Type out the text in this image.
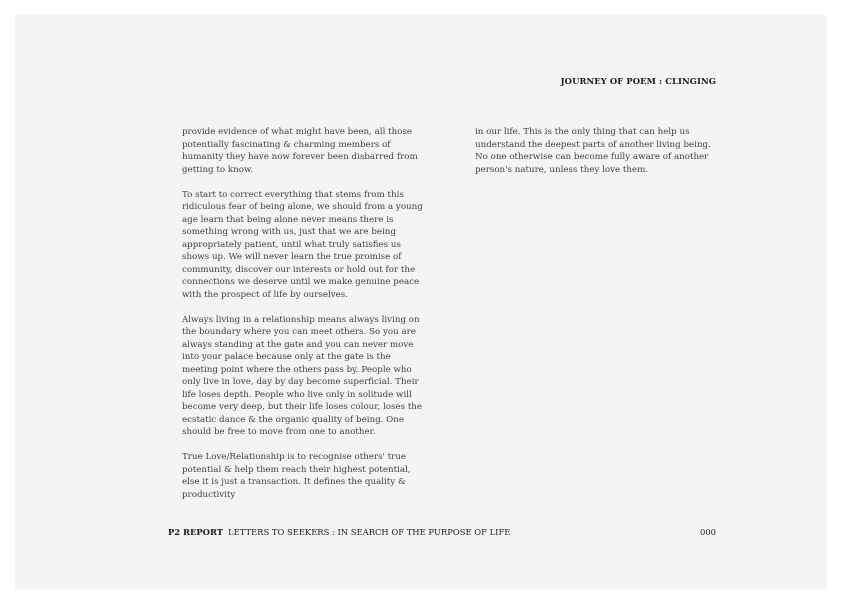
JOURNEY OF POEM : CLINGING

provide evidence of what might have been, all those potentially fascinating & charming members of humanity they have now forever been disbarred from getting to know.

To start to correct everything that stems from this ridiculous fear of being alone, we should from a young age learn that being alone never means there is something wrong with us, just that we are being appropriately patient, until what truly satisfies us shows up. We will never learn the true promise of community, discover our interests or hold out for the connections we deserve until we make genuine peace with the prospect of life by ourselves.

Always living in a relationship means always living on the boundary where you can meet others. So you are always standing at the gate and you can never move into your palace because only at the gate is the meeting point where the others pass by. People who only live in love, day by day become superficial. Their life loses depth. People who live only in solitude will become very deep, but their life loses colour, loses the ecstatic dance & the organic quality of being. One should be free to move from one to another.

True Love/Relationship is to recognise others' true potential & help them reach their highest potential, else it is just a transaction. It defines the quality & productivity

in our life. This is the only thing that can help us understand the deepest parts of another living being. No one otherwise can become fully aware of another person's nature, unless they love them.

P2 REPORT LETTERS TO SEEKERS : IN SEARCH OF THE PURPOSE OF LIFE	000
